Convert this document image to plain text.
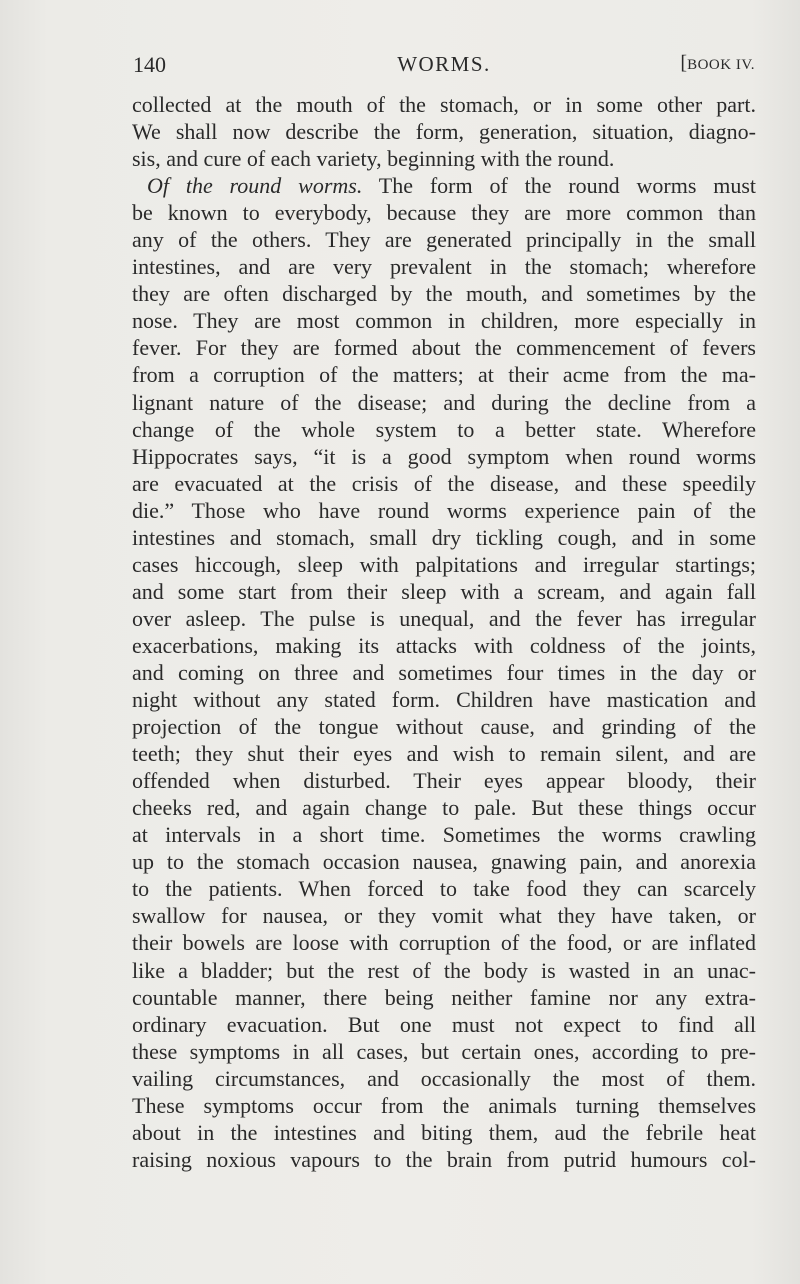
140	WORMS.	[BOOK IV.
collected at the mouth of the stomach, or in some other part.
We shall now describe the form, generation, situation, diagno-
sis, and cure of each variety, beginning with the round.
Of the round worms. The form of the round worms must
be known to everybody, because they are more common than
any of the others. They are generated principally in the small
intestines, and are very prevalent in the stomach; wherefore
they are often discharged by the mouth, and sometimes by the
nose. They are most common in children, more especially in
fever. For they are formed about the commencement of fevers
from a corruption of the matters; at their acme from the ma-
lignant nature of the disease; and during the decline from a
change of the whole system to a better state. Wherefore
Hippocrates says, “it is a good symptom when round worms
are evacuated at the crisis of the disease, and these speedily
die.” Those who have round worms experience pain of the
intestines and stomach, small dry tickling cough, and in some
cases hiccough, sleep with palpitations and irregular startings;
and some start from their sleep with a scream, and again fall
over asleep. The pulse is unequal, and the fever has irregular
exacerbations, making its attacks with coldness of the joints,
and coming on three and sometimes four times in the day or
night without any stated form. Children have mastication and
projection of the tongue without cause, and grinding of the
teeth; they shut their eyes and wish to remain silent, and are
offended when disturbed. Their eyes appear bloody, their
cheeks red, and again change to pale. But these things occur
at intervals in a short time. Sometimes the worms crawling
up to the stomach occasion nausea, gnawing pain, and anorexia
to the patients. When forced to take food they can scarcely
swallow for nausea, or they vomit what they have taken, or
their bowels are loose with corruption of the food, or are inflated
like a bladder; but the rest of the body is wasted in an unac-
countable manner, there being neither famine nor any extra-
ordinary evacuation. But one must not expect to find all
these symptoms in all cases, but certain ones, according to pre-
vailing circumstances, and occasionally the most of them.
These symptoms occur from the animals turning themselves
about in the intestines and biting them, aud the febrile heat
raising noxious vapours to the brain from putrid humours col-
